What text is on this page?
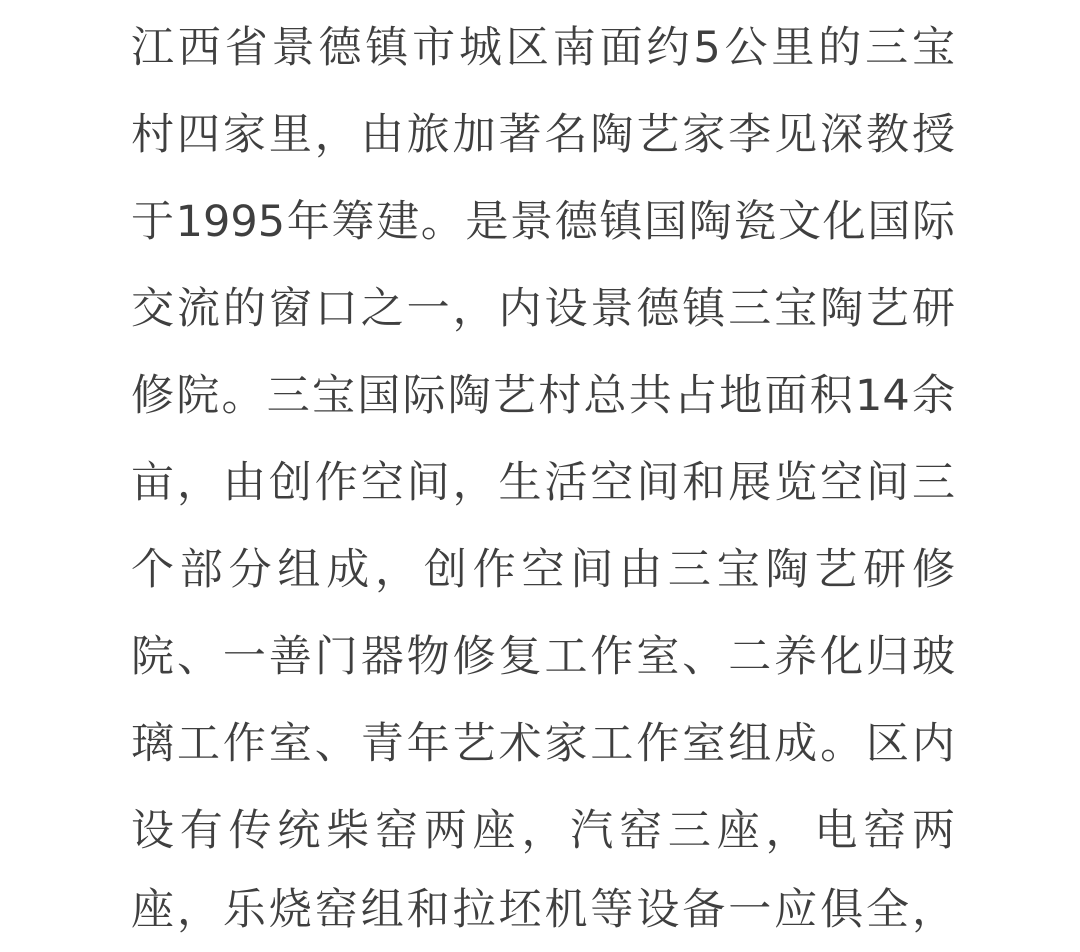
江西省景德镇市城区南面约5公里的三宝
村四家里，由旅加著名陶艺家李见深教授
于1995年筹建。是景德镇国陶瓷文化国际
交流的窗口之一，内设景德镇三宝陶艺研
修院。三宝国际陶艺村总共占地面积14余
亩，由创作空间，生活空间和展览空间三
个部分组成，创作空间由三宝陶艺研修
院、一善门器物修复工作室、二养化归玻
璃工作室、青年艺术家工作室组成。区内
设有传统柴窑两座，汽窑三座，电窑两
座，乐烧窑组和拉坯机等设备一应俱全，
